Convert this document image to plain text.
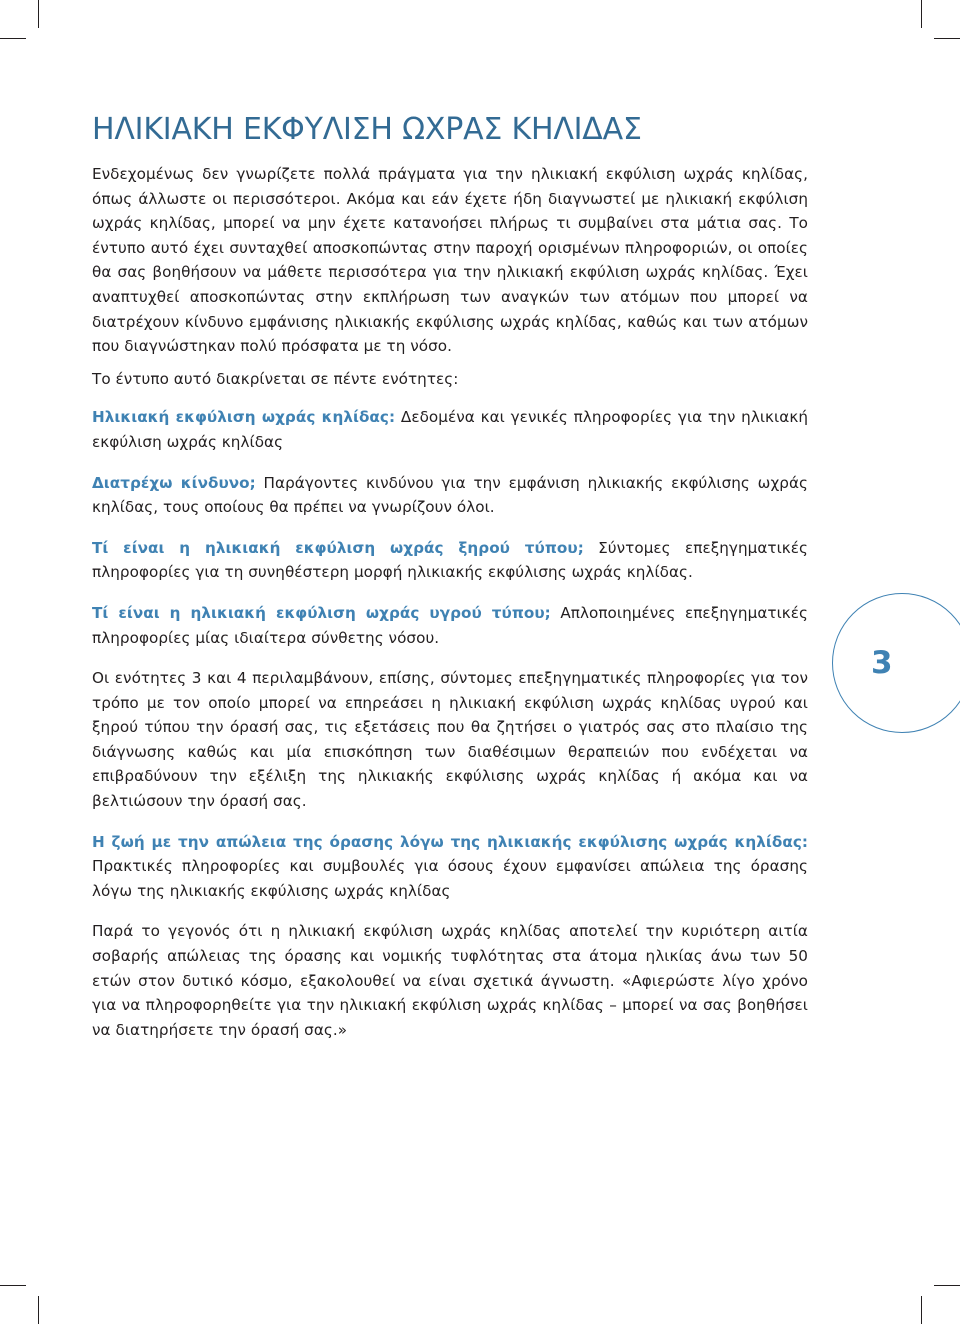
ΗΛΙΚΙΑΚΗ ΕΚΦΥΛΙΣΗ ΩΧΡΑΣ ΚΗΛΙΔΑΣ

Ενδεχομένως δεν γνωρίζετε πολλά πράγματα για την ηλικιακή εκφύλιση ωχράς κηλίδας, όπως άλλωστε οι περισσότεροι. Ακόμα και εάν έχετε ήδη διαγνωστεί με ηλικιακή εκφύλιση ωχράς κηλίδας, μπορεί να μην έχετε κατανοήσει πλήρως τι συμβαίνει στα μάτια σας. Το έντυπο αυτό έχει συνταχθεί αποσκοπώντας στην παροχή ορισμένων πληροφοριών, οι οποίες θα σας βοηθήσουν να μάθετε περισσότερα για την ηλικιακή εκφύλιση ωχράς κηλίδας. Έχει αναπτυχθεί αποσκοπώντας στην εκπλήρωση των αναγκών των ατόμων που μπορεί να διατρέχουν κίνδυνο εμφάνισης ηλικιακής εκφύλισης ωχράς κηλίδας, καθώς και των ατόμων που διαγνώστηκαν πολύ πρόσφατα με τη νόσο.

Το έντυπο αυτό διακρίνεται σε πέντε ενότητες:

Ηλικιακή εκφύλιση ωχράς κηλίδας: Δεδομένα και γενικές πληροφορίες για την ηλικιακή εκφύλιση ωχράς κηλίδας

Διατρέχω κίνδυνο; Παράγοντες κινδύνου για την εμφάνιση ηλικιακής εκφύλισης ωχράς κηλίδας, τους οποίους θα πρέπει να γνωρίζουν όλοι.

Τί είναι η ηλικιακή εκφύλιση ωχράς ξηρού τύπου; Σύντομες επεξηγηματικές πληροφορίες για τη συνηθέστερη μορφή ηλικιακής εκφύλισης ωχράς κηλίδας.

Τί είναι η ηλικιακή εκφύλιση ωχράς υγρού τύπου; Απλοποιημένες επεξηγηματικές πληροφορίες μίας ιδιαίτερα σύνθετης νόσου.

Οι ενότητες 3 και 4 περιλαμβάνουν, επίσης, σύντομες επεξηγηματικές πληροφορίες για τον τρόπο με τον οποίο μπορεί να επηρεάσει η ηλικιακή εκφύλιση ωχράς κηλίδας υγρού και ξηρού τύπου την όρασή σας, τις εξετάσεις που θα ζητήσει ο γιατρός σας στο πλαίσιο της διάγνωσης καθώς και μία επισκόπηση των διαθέσιμων θεραπειών που ενδέχεται να επιβραδύνουν την εξέλιξη της ηλικιακής εκφύλισης ωχράς κηλίδας ή ακόμα και να βελτιώσουν την όρασή σας.

Η ζωή με την απώλεια της όρασης λόγω της ηλικιακής εκφύλισης ωχράς κηλίδας: Πρακτικές πληροφορίες και συμβουλές για όσους έχουν εμφανίσει απώλεια της όρασης λόγω της ηλικιακής εκφύλισης ωχράς κηλίδας

Παρά το γεγονός ότι η ηλικιακή εκφύλιση ωχράς κηλίδας αποτελεί την κυριότερη αιτία σοβαρής απώλειας της όρασης και νομικής τυφλότητας στα άτομα ηλικίας άνω των 50 ετών στον δυτικό κόσμο, εξακολουθεί να είναι σχετικά άγνωστη. «Αφιερώστε λίγο χρόνο για να πληροφορηθείτε για την ηλικιακή εκφύλιση ωχράς κηλίδας – μπορεί να σας βοηθήσει να διατηρήσετε την όρασή σας.»

3
